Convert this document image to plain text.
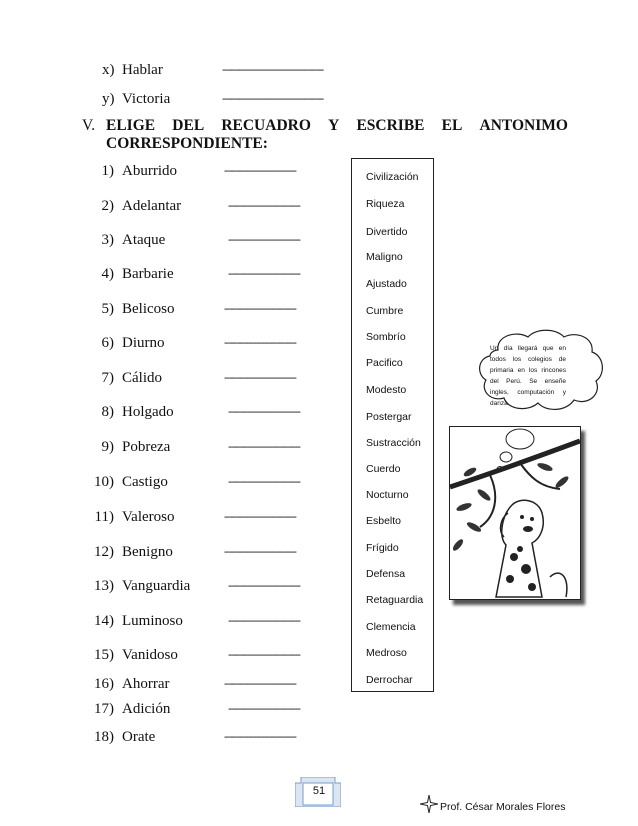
x) Hablar	--------------------------------------
y) Victoria	--------------------------------------
V. ELIGE DEL RECUADRO Y ESCRIBE EL ANTONIMO
CORRESPONDIENTE:
1) Aburrido	---------------------------
2) Adelantar	---------------------------
3) Ataque	---------------------------
4) Barbarie	---------------------------
5) Belicoso	---------------------------
6) Diurno	---------------------------
7) Cálido	---------------------------
8) Holgado	---------------------------
9) Pobreza	---------------------------
10) Castigo	---------------------------
11) Valeroso	---------------------------
12) Benigno	---------------------------
13) Vanguardia	---------------------------
14) Luminoso	---------------------------
15) Vanidoso	---------------------------
16) Ahorrar	---------------------------
17) Adición	---------------------------
18) Orate	---------------------------
Civilización
Riqueza
Divertido
Maligno
Ajustado
Cumbre
Sombrío
Pacifico
Modesto
Postergar
Sustracción
Cuerdo
Nocturno
Esbelto
Frígido
Defensa
Retaguardia
Clemencia
Medroso
Derrochar
Un día llegará que en todos los colegios de primaria en los rincones del Perú. Se enseñe ingles, computación y danza.
51
Prof. César Morales Flores
